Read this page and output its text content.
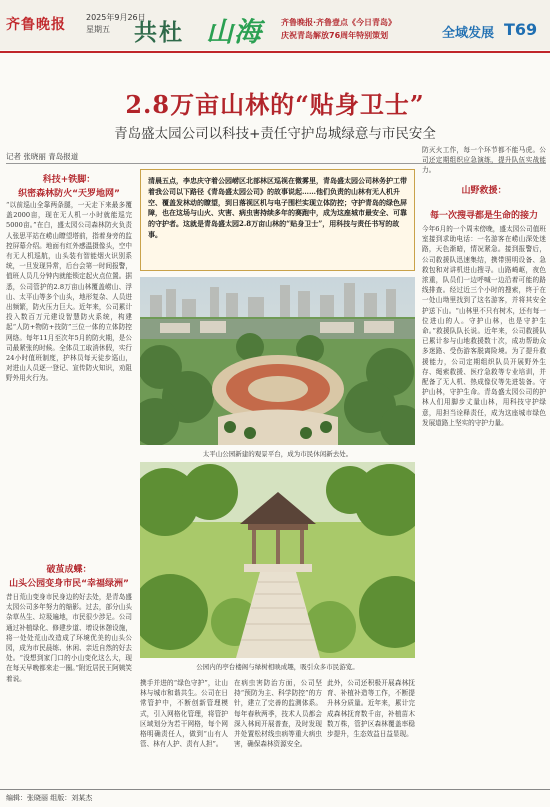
齐鲁晚报	2025年9月26日
星期五 共杜 山海 齐鲁晚报·齐鲁壹点《今日青岛》
庆祝青岛解放76周年特别策划	全域发展 T69
2.8万亩山林的“贴身卫士”
青岛盛太园公司以科技+责任守护岛城绿意与市民安全
记者 张晓丽 青岛报道
科技+铁脚：
织密森林防火“天罗地网”
“以前巡山全靠两条腿，一天走下来最多覆盖2000亩，现在无人机一小时就能巡完5000亩。”在白，盛太园公司森林防火负责人张思平站在崂山瞭望塔前，指着身旁的监控屏幕介绍。地面有红外感温摄像头，空中有无人机巡航，山头装有智能烟火识别系统，一旦发现异常，后台会第一时间报警，值班人员几分钟内就能锁定起火点位置。据悉，公司管护的2.8万亩山林覆盖崂山、浮山、太平山等多个山头，地形复杂、人员进出频繁，防火压力巨大。近年来，公司累计投入数百万元建设智慧防火系统，构建起“人防+物防+技防”三位一体的立体防控网络。每年11月至次年5月的防火期，是公司最紧张的时候。全体员工取消休假，实行24小时值班制度，护林员每天徒步巡山，对进山人员逐一登记、宣传防火知识，劝阻野外用火行为。
破茧成蝶：
山头公园变身市民“幸福绿洲”
昔日荒山变身市民身边的好去处，是青岛盛太园公司多年努力的缩影。过去，部分山头杂草丛生、垃圾遍地，市民很少涉足。公司通过补植绿化、修建步道、增设休憩设施，将一处处荒山改造成了环境优美的山头公园，成为市民晨练、休闲、亲近自然的好去处。“没想到家门口的小山变化这么大，现在每天早晚都来走一圈。”附近居民王阿姨笑着说。
清晨五点，李忠庆守着公园崂区北部林区巡视在微雾里，青岛盛太园公司林务护工带着我公司以下路径《青岛盛太园公司》的故事说起……他们负责的山林有无人机升空、覆盖发林动的瞭望，到日落视区机与电子围栏实现立体防控；守护青岛的绿色屏障，也在这场与山火、灾害、病虫害持续多年的赛跑中，成为这座城市最安全、可靠的守护者。这就是青岛盛太园2.8万亩山林的“贴身卫士”，用科技与责任书写的故事。
太平山公园新建的观景平台，成为市民休闲新去处。
公园内的亭台楼阁与绿树相映成趣，吸引众多市民游览。
携手并进的“绿色守护”，让山林与城市和谐共生。公司在日常管护中，不断创新管理模式，引入网格化管理，将管护区域划分为若干网格，每个网格明确责任人，做到“山有人管、林有人护、责有人担”。
在病虫害防治方面，公司坚持“预防为主、科学防控”的方针，建立了完善的监测体系。每年春秋两季，技术人员都会深入林间开展普查，及时发现并处置松材线虫病等重大病虫害，确保森林资源安全。
此外，公司还积极开展森林抚育、补植补造等工作，不断提升林分质量。近年来，累计完成森林抚育数千亩，补植苗木数万株，管护区森林覆盖率稳步提升，生态效益日益显现。
防灭火工作，每一个环节都不能马虎。公司还定期组织应急演练，提升队伍实战能力。
山野救援：
每一次搜寻都是生命的接力
今年6月的一个周末傍晚，盛太园公司值班室接到求助电话：一名游客在崂山深处迷路，天色渐暗，情况紧急。接到报警后，公司救援队迅速集结，携带照明设备、急救包和对讲机进山搜寻。山路崎岖，夜色浓重，队员们一边呼喊一边沿着可能的路线排查。经过近三个小时的搜索，终于在一处山坳里找到了这名游客，并将其安全护送下山。“山林里不只有树木，还有每一位进山的人。守护山林，也是守护生命。”救援队队长说。近年来，公司救援队已累计参与山地救援数十次，成功帮助众多迷路、受伤游客脱离险境。为了提升救援能力，公司定期组织队员开展野外生存、绳索救援、医疗急救等专业培训，并配备了无人机、热成像仪等先进装备。守护山林，守护生命。青岛盛太园公司的护林人们用脚步丈量山林，用科技守护绿意，用担当诠释责任，成为这座城市绿色发展道路上坚实的守护力量。
编辑：张晓丽 组版：刘某杰
